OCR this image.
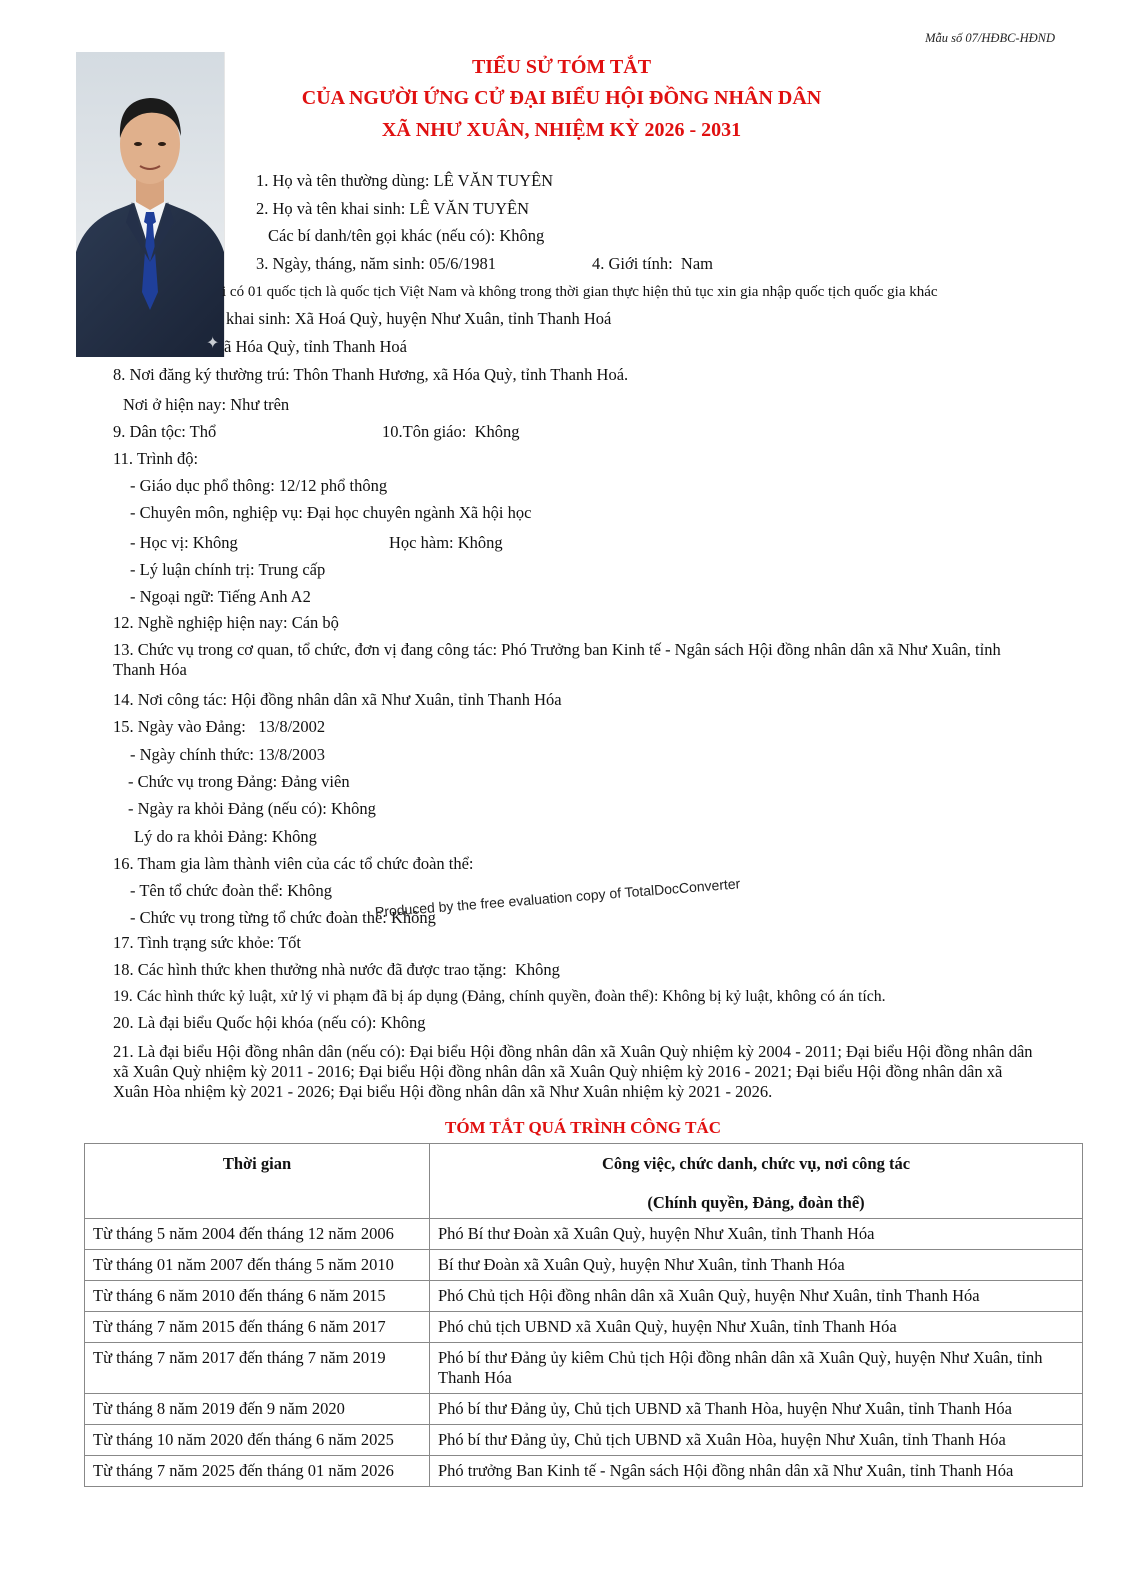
Mẫu số 07/HĐBC-HĐND
✦
TIỂU SỬ TÓM TẮT
CỦA NGƯỜI ỨNG CỬ ĐẠI BIỂU HỘI ĐỒNG NHÂN DÂN
XÃ NHƯ XUÂN, NHIỆM KỲ 2026 - 2031
1. Họ và tên thường dùng: LÊ VĂN TUYÊN
2. Họ và tên khai sinh: LÊ VĂN TUYÊN
Các bí danh/tên gọi khác (nếu có): Không
3. Ngày, tháng, năm sinh: 05/6/1981	4. Giới tính:  Nam
i có 01 quốc tịch là quốc tịch Việt Nam và không trong thời gian thực hiện thủ tục xin gia nhập quốc tịch quốc gia khác
khai sinh: Xã Hoá Quỳ, huyện Như Xuân, tỉnh Thanh Hoá
ã Hóa Quỳ, tỉnh Thanh Hoá
8. Nơi đăng ký thường trú: Thôn Thanh Hương, xã Hóa Quỳ, tỉnh Thanh Hoá.
Nơi ở hiện nay: Như trên
9. Dân tộc: Thổ	10.Tôn giáo:  Không
11. Trình độ:
- Giáo dục phổ thông: 12/12 phổ thông
- Chuyên môn, nghiệp vụ: Đại học chuyên ngành Xã hội học
- Học vị: Không	Học hàm: Không
- Lý luận chính trị: Trung cấp
- Ngoại ngữ: Tiếng Anh A2
12. Nghề nghiệp hiện nay: Cán bộ
13. Chức vụ trong cơ quan, tổ chức, đơn vị đang công tác: Phó Trưởng ban Kinh tế - Ngân sách Hội đồng nhân dân xã Như Xuân, tỉnh Thanh Hóa
14. Nơi công tác: Hội đồng nhân dân xã Như Xuân, tỉnh Thanh Hóa
15. Ngày vào Đảng:   13/8/2002
- Ngày chính thức: 13/8/2003
- Chức vụ trong Đảng: Đảng viên
- Ngày ra khỏi Đảng (nếu có): Không
Lý do ra khỏi Đảng: Không
16. Tham gia làm thành viên của các tổ chức đoàn thể:
- Tên tổ chức đoàn thể: Không
- Chức vụ trong từng tổ chức đoàn thể: Không
17. Tình trạng sức khỏe: Tốt
18. Các hình thức khen thưởng nhà nước đã được trao tặng:  Không
19. Các hình thức kỷ luật, xử lý vi phạm đã bị áp dụng (Đảng, chính quyền, đoàn thể): Không bị kỷ luật, không có án tích.
20. Là đại biểu Quốc hội khóa (nếu có): Không
21. Là đại biểu Hội đồng nhân dân (nếu có): Đại biểu Hội đồng nhân dân xã Xuân Quỳ nhiệm kỳ 2004 - 2011; Đại biểu Hội đồng nhân dân xã Xuân Quỳ nhiệm kỳ 2011 - 2016; Đại biểu Hội đồng nhân dân xã Xuân Quỳ nhiệm kỳ 2016 - 2021; Đại biểu Hội đồng nhân dân xã Xuân Hòa nhiệm kỳ 2021 - 2026; Đại biểu Hội đồng nhân dân xã Như Xuân nhiệm kỳ 2021 - 2026.
Produced by the free evaluation copy of TotalDocConverter
TÓM TẮT QUÁ TRÌNH CÔNG TÁC
Thời gian	Công việc, chức danh, chức vụ, nơi công tác
(Chính quyền, Đảng, đoàn thể)

Từ tháng 5 năm 2004 đến tháng 12 năm 2006	Phó Bí thư Đoàn xã Xuân Quỳ, huyện Như Xuân, tỉnh Thanh Hóa
Từ tháng 01 năm 2007 đến tháng 5 năm 2010	Bí thư Đoàn xã Xuân Quỳ, huyện Như Xuân, tỉnh Thanh Hóa
Từ tháng 6 năm 2010 đến tháng 6 năm 2015	Phó Chủ tịch Hội đồng nhân dân xã Xuân Quỳ, huyện Như Xuân, tỉnh Thanh Hóa
Từ tháng 7 năm 2015 đến tháng 6 năm 2017	Phó chủ tịch UBND xã Xuân Quỳ, huyện Như Xuân, tỉnh Thanh Hóa
Từ tháng 7 năm 2017 đến tháng 7 năm 2019	Phó bí thư Đảng ủy kiêm Chủ tịch Hội đồng nhân dân xã Xuân Quỳ, huyện Như Xuân, tỉnh Thanh Hóa
Từ tháng 8 năm 2019 đến 9 năm 2020	Phó bí thư Đảng ủy, Chủ tịch UBND xã Thanh Hòa, huyện Như Xuân, tỉnh Thanh Hóa
Từ tháng 10 năm 2020 đến tháng 6 năm 2025	Phó bí thư Đảng ủy, Chủ tịch UBND xã Xuân Hòa, huyện Như Xuân, tỉnh Thanh Hóa
Từ tháng 7 năm 2025 đến tháng 01 năm 2026	Phó trưởng Ban Kinh tế - Ngân sách Hội đồng nhân dân xã Như Xuân, tỉnh Thanh Hóa
